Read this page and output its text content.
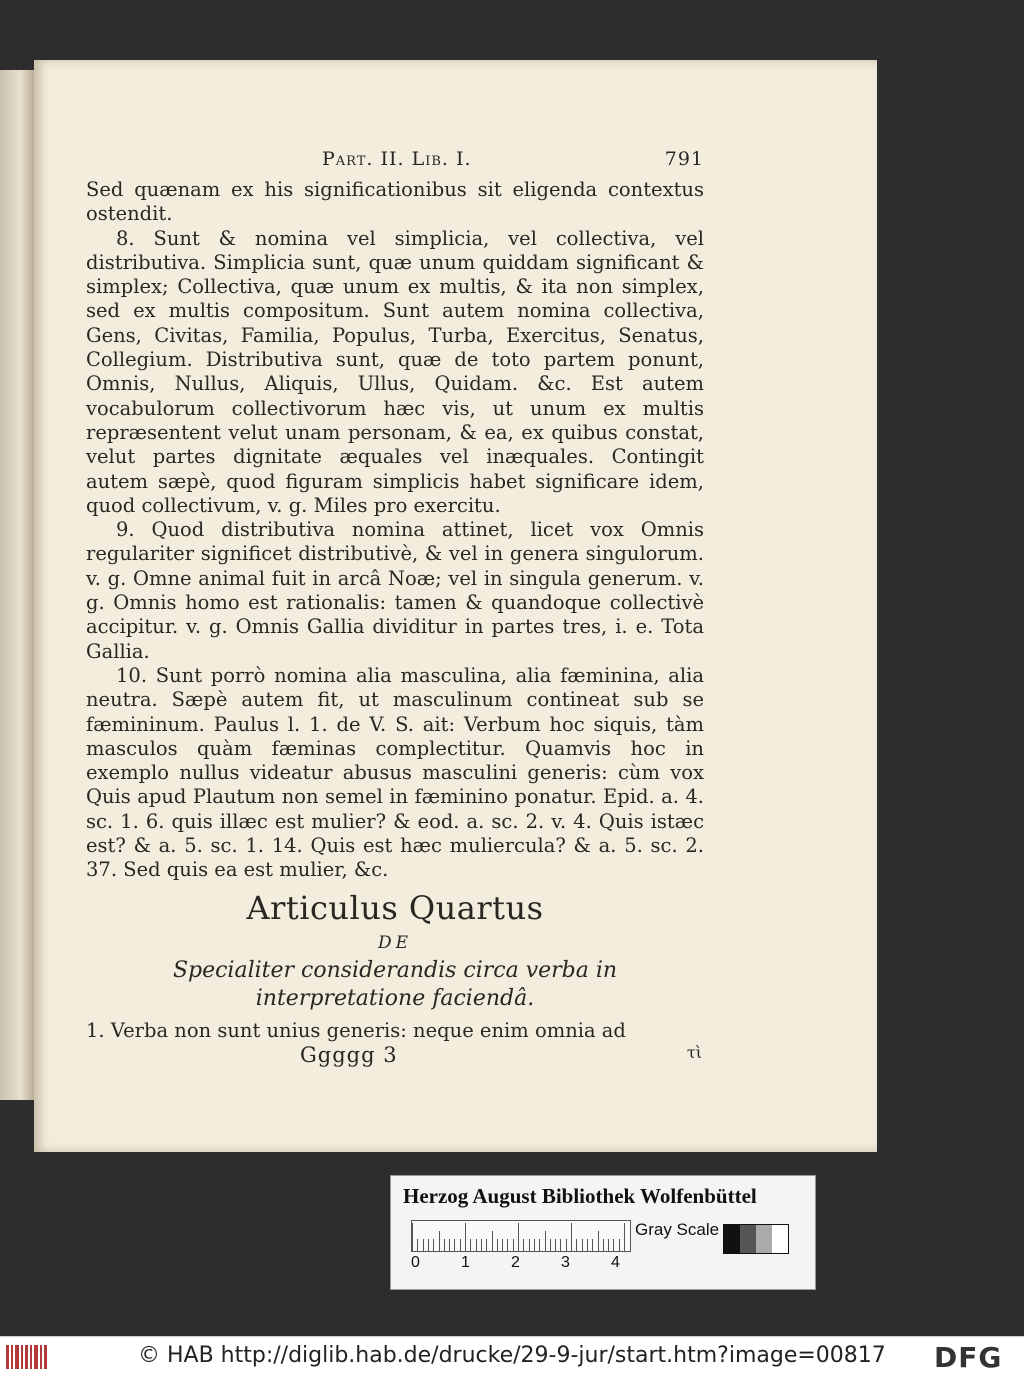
Part. II. Lib. I.	791

Sed quænam ex his significationibus sit eligenda contextus ostendit.

8. Sunt & nomina vel simplicia, vel collectiva, vel distributiva. Simplicia sunt, quæ unum quiddam significant & simplex; Collectiva, quæ unum ex multis, & ita non simplex, sed ex multis compositum. Sunt autem nomina collectiva, Gens, Civitas, Familia, Populus, Turba, Exercitus, Senatus, Collegium. Distributiva sunt, quæ de toto partem ponunt, Omnis, Nullus, Aliquis, Ullus, Quidam. &c. Est autem vocabulorum collectivorum hæc vis, ut unum ex multis repræsentent velut unam personam, & ea, ex quibus constat, velut partes dignitate æquales vel inæquales. Contingit autem sæpè, quod figuram simplicis habet significare idem, quod collectivum, v. g. Miles pro exercitu.

9. Quod distributiva nomina attinet, licet vox Omnis regulariter significet distributivè, & vel in genera singulorum. v. g. Omne animal fuit in arcâ Noæ; vel in singula generum. v. g. Omnis homo est rationalis: tamen & quandoque collectivè accipitur. v. g. Omnis Gallia dividitur in partes tres, i. e. Tota Gallia.

10. Sunt porrò nomina alia masculina, alia fæminina, alia neutra. Sæpè autem fit, ut masculinum contineat sub se fæmininum. Paulus l. 1. de V. S. ait: Verbum hoc siquis, tàm masculos quàm fæminas complectitur. Quamvis hoc in exemplo nullus videatur abusus masculini generis: cùm vox Quis apud Plautum non semel in fæminino ponatur. Epid. a. 4. sc. 1. 6. quis illæc est mulier? & eod. a. sc. 2. v. 4. Quis istæc est? & a. 5. sc. 1. 14. Quis est hæc muliercula? & a. 5. sc. 2. 37. Sed quis ea est mulier, &c.

Articulus Quartus
DE
Specialiter considerandis circa verba in
interpretatione faciendâ.
1. Verba non sunt unius generis: neque enim omnia ad
Ggggg 3	τὶ
Herzog August Bibliothek Wolfenbüttel
0	1	2	3	4
Gray Scale
© HAB http://diglib.hab.de/drucke/29-9-jur/start.htm?image=00817 DFG
